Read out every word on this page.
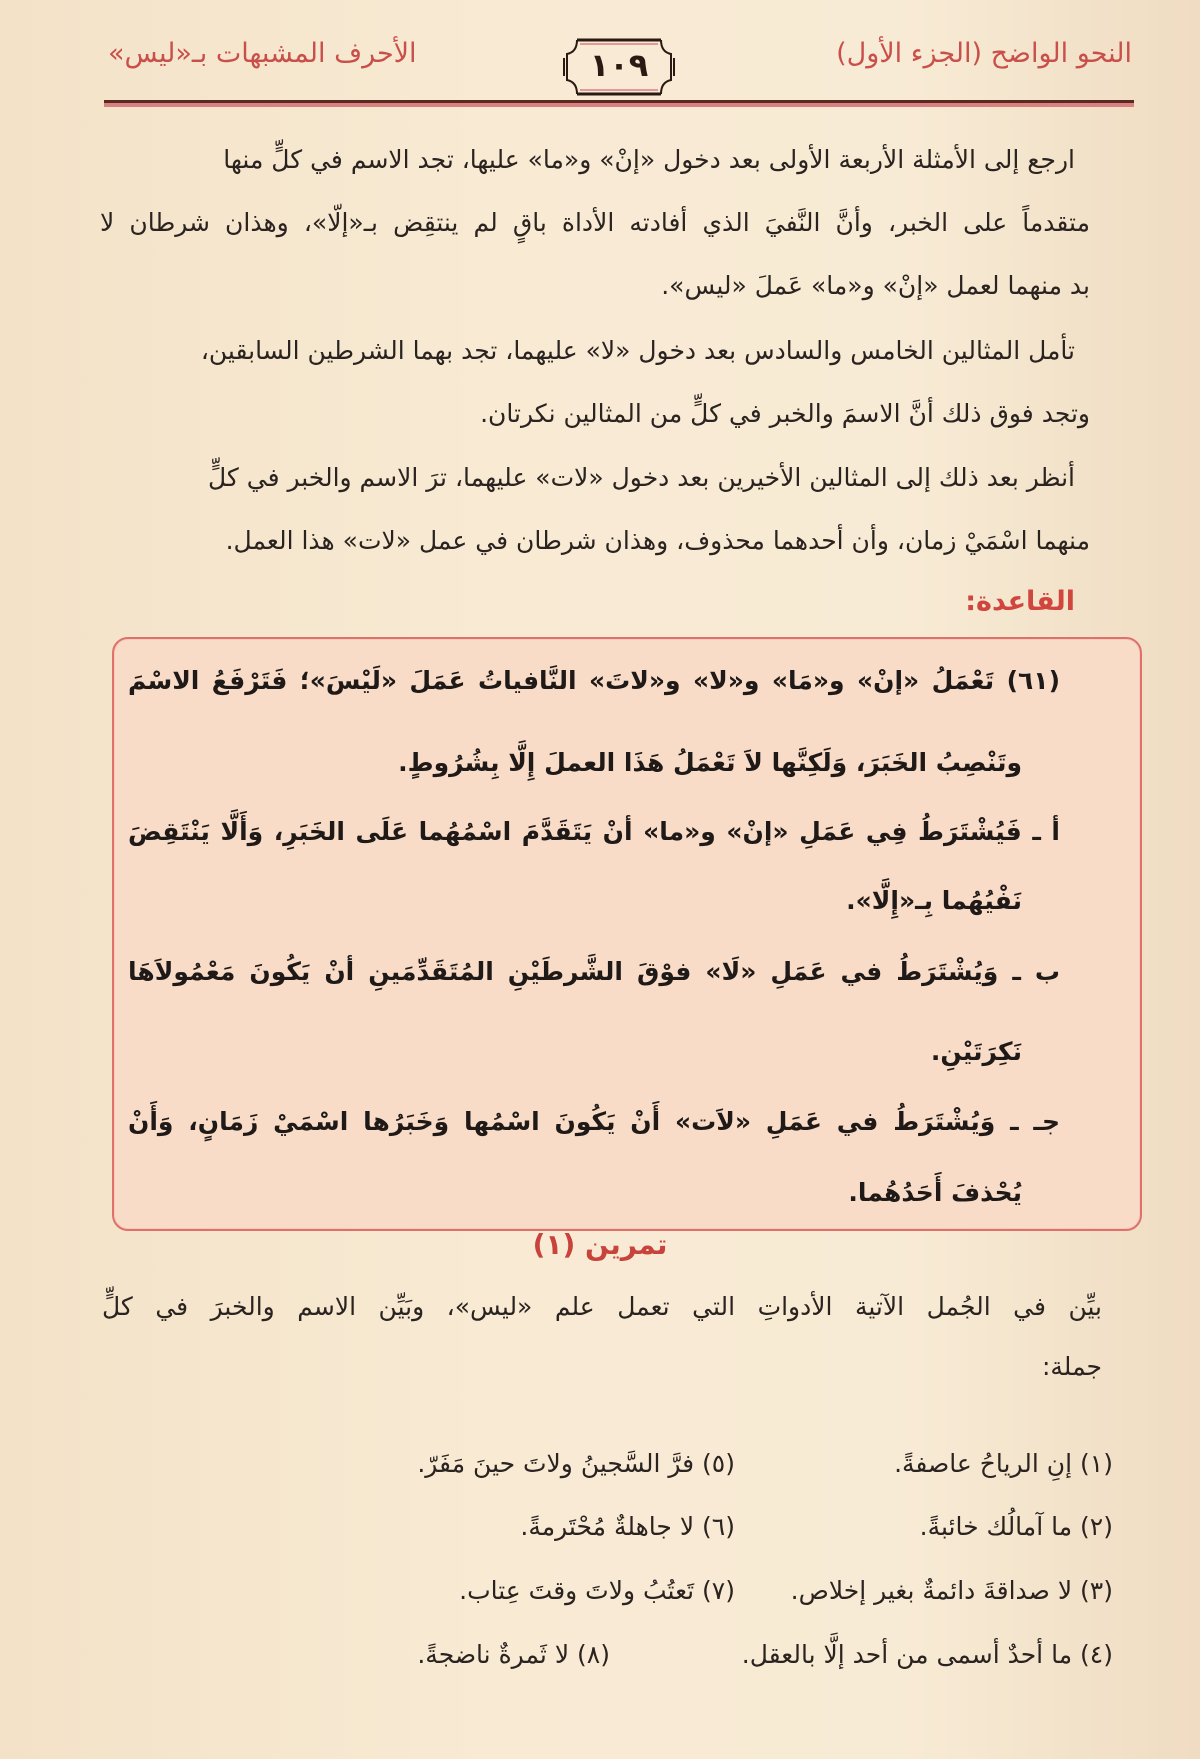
النحو الواضح (الجزء الأول)
الأحرف المشبهات بـ«ليس»	١٠٩
ارجع إلى الأمثلة الأربعة الأولى بعد دخول «إنْ» و«ما» عليها، تجد الاسم في كلٍّ منها
متقدماً على الخبر، وأنَّ النَّفيَ الذي أفادته الأداة باقٍ لم ينتقِض بـ«إلّا»، وهذان شرطان لا
بد منهما لعمل «إنْ» و«ما» عَملَ «ليس».
تأمل المثالين الخامس والسادس بعد دخول «لا» عليهما، تجد بهما الشرطين السابقين،
وتجد فوق ذلك أنَّ الاسمَ والخبر في كلٍّ من المثالين نكرتان.
أنظر بعد ذلك إلى المثالين الأخيرين بعد دخول «لات» عليهما، ترَ الاسم والخبر في كلٍّ
منهما اسْمَيْ زمان، وأن أحدهما محذوف، وهذان شرطان في عمل «لات» هذا العمل.
القاعدة:
(٦١) تَعْمَلُ «إنْ» و«مَا» و«لا» و«لاتَ» النَّافياتُ عَمَلَ «لَيْسَ»؛ فَتَرْفَعُ الاسْمَ
وتَنْصِبُ الخَبَرَ، وَلَكِنَّها لاَ تَعْمَلُ هَذَا العملَ إِلَّا بِشُرُوطٍ.
أ ـ فَيُشْتَرَطُ فِي عَمَلِ «إنْ» و«ما» أنْ يَتَقَدَّمَ اسْمُهُما عَلَى الخَبَرِ، وَأَلَّا يَنْتَقِضَ
نَفْيُهُما بِـ«إِلَّا».
ب ـ وَيُشْتَرَطُ في عَمَلِ «لَا» فوْقَ الشَّرطَيْنِ المُتَقَدِّمَينِ أنْ يَكُونَ مَعْمُولاَهَا
نَكِرَتَيْنِ.
جـ ـ وَيُشْتَرَطُ في عَمَلِ «لاَت» أَنْ يَكُونَ اسْمُها وَخَبَرُها اسْمَيْ زَمَانٍ، وَأَنْ
يُحْذفَ أَحَدُهُما.
تمرين (١)
بيِّن في الجُمل الآتية الأدواتِ التي تعمل علم «ليس»، وبَيِّن الاسم والخبرَ في كلٍّ
جملة:
(١) إنِ الرياحُ عاصفةً.
(٢) ما آمالُك خائبةً.
(٣) لا صداقةَ دائمةٌ بغير إخلاص.
(٤) ما أحدٌ أسمى من أحد إلَّا بالعقل.
(٥) فرَّ السَّجينُ ولاتَ حينَ مَفَرّ.
(٦) لا جاهلةٌ مُحْتَرمةً.
(٧) تَعتُبُ ولاتَ وقتَ عِتاب.
(٨) لا ثَمرةٌ ناضجةً.
